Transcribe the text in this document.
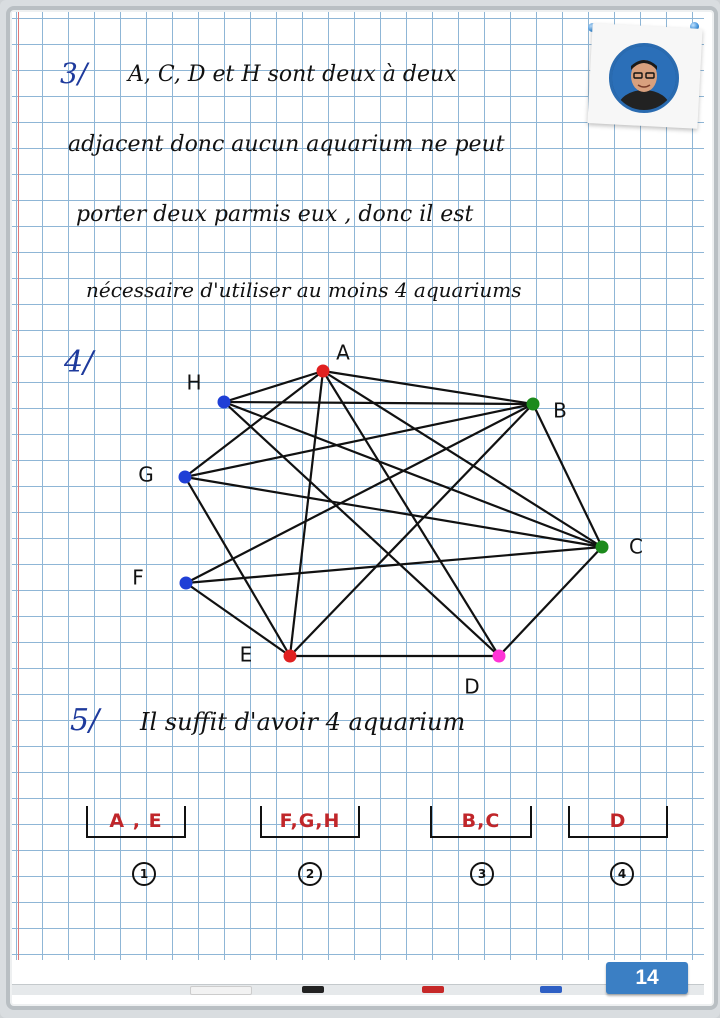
3/ A, C, D et H sont deux à deux
adjacent donc aucun aquarium ne peut
porter deux parmis eux , donc il est
nécessaire d'utiliser au moins 4 aquariums
4/	A
B
C
D
E
F
G
H
5/ Il suffit d'avoir 4 aquarium
A , E	F,G,H	B,C	D
1	2	3	4
14
